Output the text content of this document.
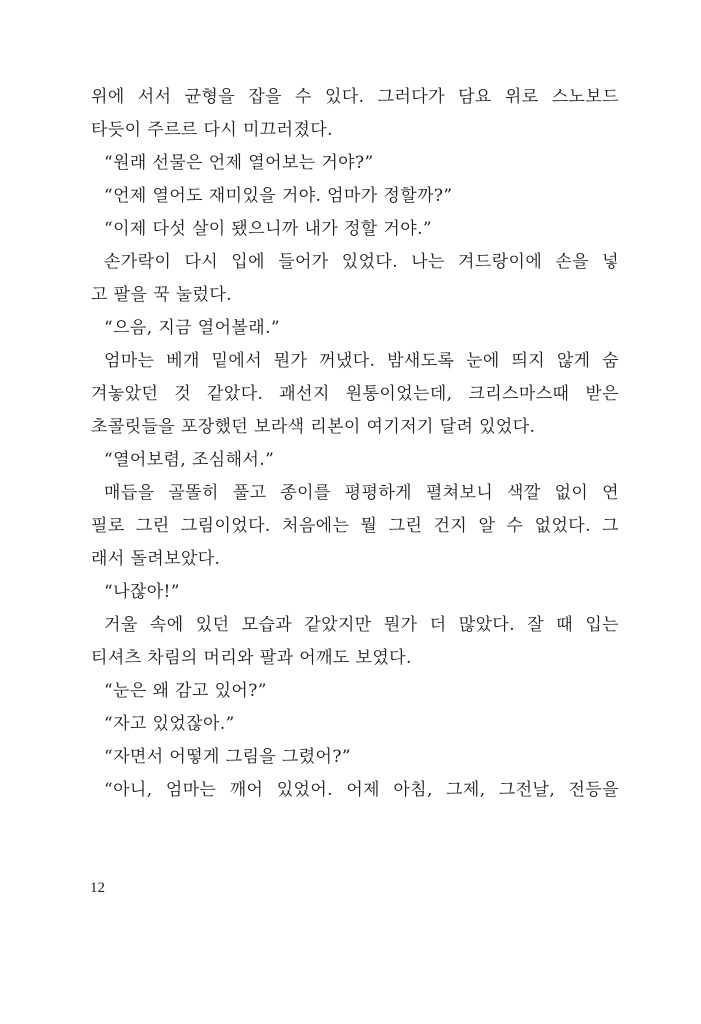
위에 서서 균형을 잡을 수 있다. 그러다가 담요 위로 스노보드
타듯이 주르르 다시 미끄러졌다.
“원래 선물은 언제 열어보는 거야?”
“언제 열어도 재미있을 거야. 엄마가 정할까?”
“이제 다섯 살이 됐으니까 내가 정할 거야.”
손가락이 다시 입에 들어가 있었다. 나는 겨드랑이에 손을 넣
고 팔을 꾹 눌렀다.
“으음, 지금 열어볼래.”
엄마는 베개 밑에서 뭔가 꺼냈다. 밤새도록 눈에 띄지 않게 숨
겨놓았던 것 같았다. 괘선지 원통이었는데, 크리스마스때 받은
초콜릿들을 포장했던 보라색 리본이 여기저기 달려 있었다.
“열어보렴, 조심해서.”
매듭을 골똘히 풀고 종이를 평평하게 펼쳐보니 색깔 없이 연
필로 그린 그림이었다. 처음에는 뭘 그린 건지 알 수 없었다. 그
래서 돌려보았다.
“나잖아!”
거울 속에 있던 모습과 같았지만 뭔가 더 많았다. 잘 때 입는
티셔츠 차림의 머리와 팔과 어깨도 보였다.
“눈은 왜 감고 있어?”
“자고 있었잖아.”
“자면서 어떻게 그림을 그렸어?”
“아니, 엄마는 깨어 있었어. 어제 아침, 그제, 그전날, 전등을
12
